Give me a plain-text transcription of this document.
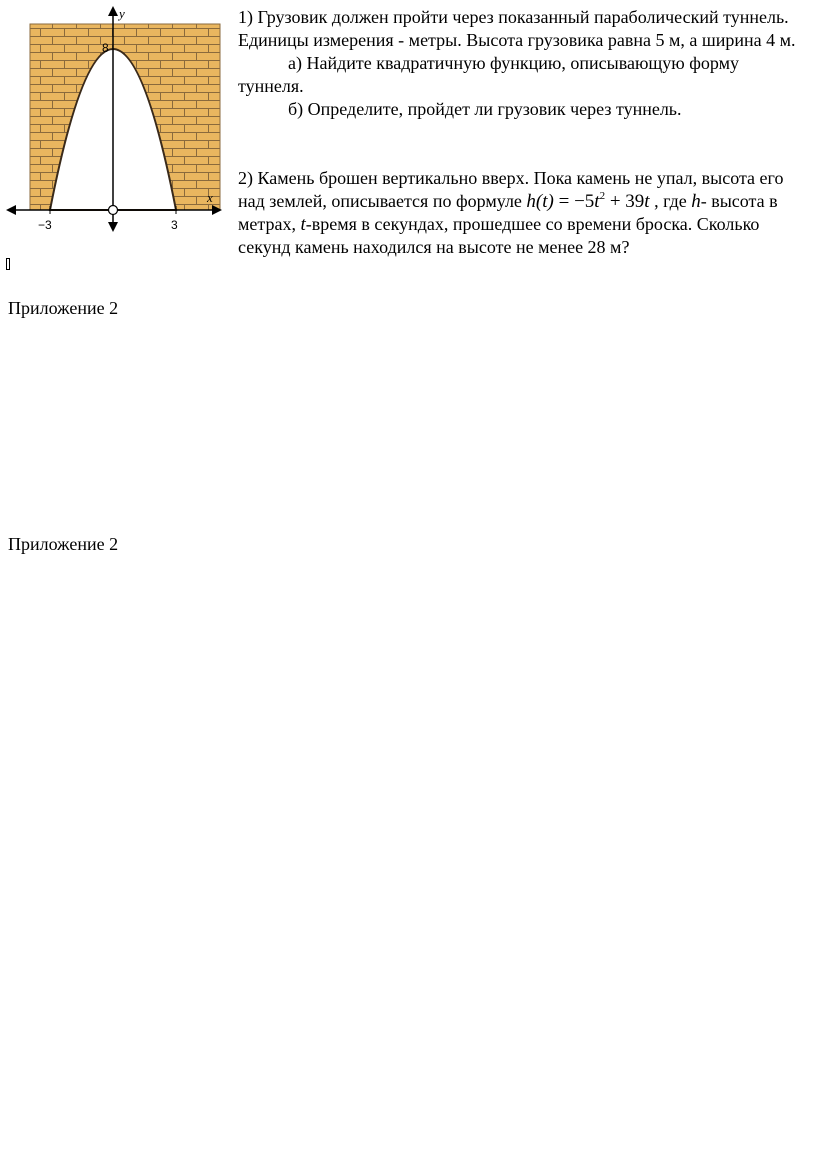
y
x
8
−3	3

1) Грузовик должен пройти через показанный параболический туннель. Единицы измерения - метры. Высота грузовика равна 5 м, а ширина 4 м.

а) Найдите квадратичную функцию, описывающую форму

туннеля.

б) Определите, пройдет ли грузовик через туннель.

2) Камень брошен вертикально вверх. Пока камень не упал, высота его над землей, описывается по формуле $h(t) = -5t^2 + 39t$ , где h- высота в метрах, t-время в секундах, прошедшее со времени броска. Сколько секунд камень находился на высоте не менее 28 м?

Приложение 2
Приложение 2
